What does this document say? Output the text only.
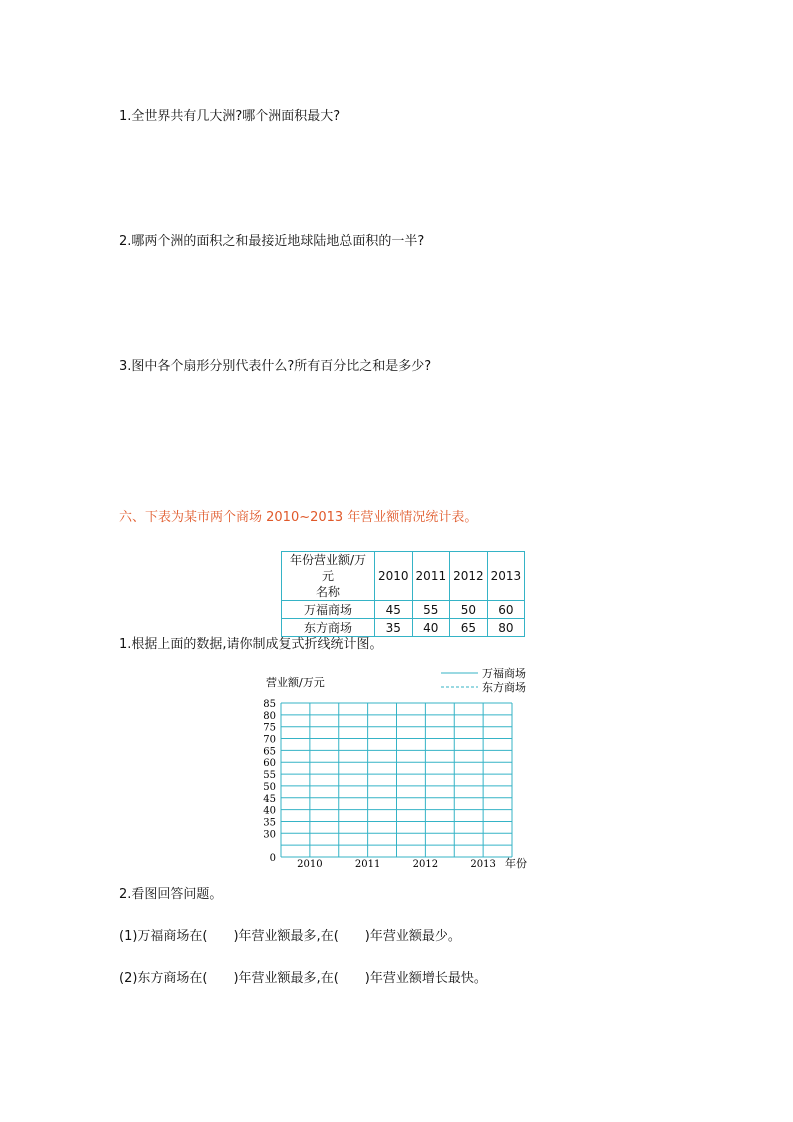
1.全世界共有几大洲?哪个洲面积最大?
2.哪两个洲的面积之和最接近地球陆地总面积的一半?
3.图中各个扇形分别代表什么?所有百分比之和是多少?
六、下表为某市两个商场 2010~2013 年营业额情况统计表。
年份营业额/万元
名称	2010	2011	2012	2013
万福商场	45	55	50	60
东方商场	35	40	65	80
1.根据上面的数据,请你制成复式折线统计图。
营业额/万元
万福商场
东方商场
0
30
35
40
45
50
55
60
65
70
75
80
85
2010	2011	2012	2013 年份
2.看图回答问题。
(1)万福商场在(　　)年营业额最多,在(　　)年营业额最少。
(2)东方商场在(　　)年营业额最多,在(　　)年营业额增长最快。
